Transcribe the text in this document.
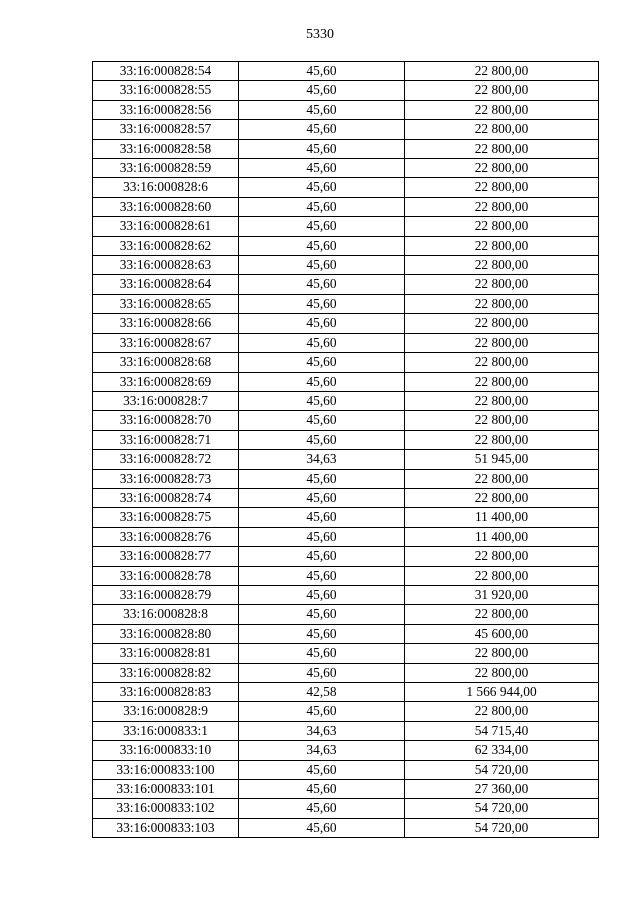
5330
33:16:000828:54	45,60	22 800,00
33:16:000828:55	45,60	22 800,00
33:16:000828:56	45,60	22 800,00
33:16:000828:57	45,60	22 800,00
33:16:000828:58	45,60	22 800,00
33:16:000828:59	45,60	22 800,00
33:16:000828:6	45,60	22 800,00
33:16:000828:60	45,60	22 800,00
33:16:000828:61	45,60	22 800,00
33:16:000828:62	45,60	22 800,00
33:16:000828:63	45,60	22 800,00
33:16:000828:64	45,60	22 800,00
33:16:000828:65	45,60	22 800,00
33:16:000828:66	45,60	22 800,00
33:16:000828:67	45,60	22 800,00
33:16:000828:68	45,60	22 800,00
33:16:000828:69	45,60	22 800,00
33:16:000828:7	45,60	22 800,00
33:16:000828:70	45,60	22 800,00
33:16:000828:71	45,60	22 800,00
33:16:000828:72	34,63	51 945,00
33:16:000828:73	45,60	22 800,00
33:16:000828:74	45,60	22 800,00
33:16:000828:75	45,60	11 400,00
33:16:000828:76	45,60	11 400,00
33:16:000828:77	45,60	22 800,00
33:16:000828:78	45,60	22 800,00
33:16:000828:79	45,60	31 920,00
33:16:000828:8	45,60	22 800,00
33:16:000828:80	45,60	45 600,00
33:16:000828:81	45,60	22 800,00
33:16:000828:82	45,60	22 800,00
33:16:000828:83	42,58	1 566 944,00
33:16:000828:9	45,60	22 800,00
33:16:000833:1	34,63	54 715,40
33:16:000833:10	34,63	62 334,00
33:16:000833:100	45,60	54 720,00
33:16:000833:101	45,60	27 360,00
33:16:000833:102	45,60	54 720,00
33:16:000833:103	45,60	54 720,00
